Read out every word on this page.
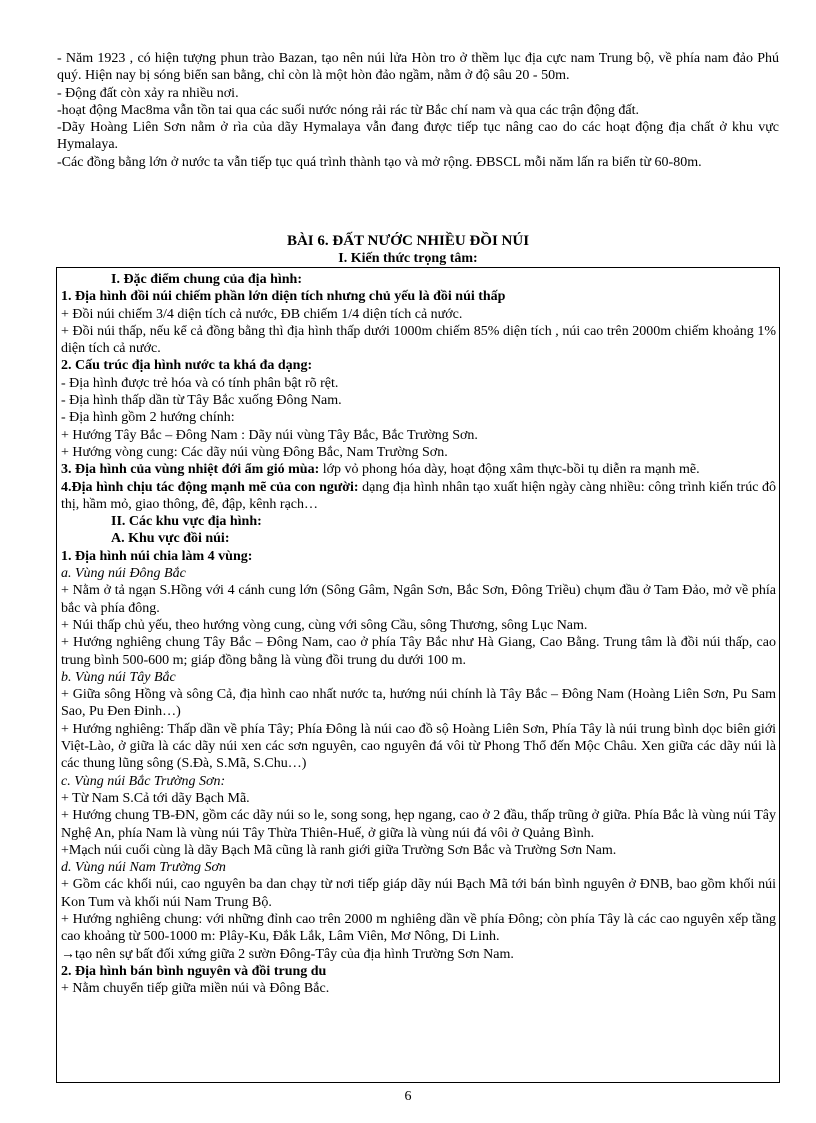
- Năm 1923 , có hiện tượng phun trào Bazan, tạo nên núi lửa Hòn tro ở thềm lục địa cực nam Trung bộ, về phía nam đảo Phú quý. Hiện nay bị sóng biển san bằng, chỉ còn là một hòn đảo ngầm, nằm ở độ sâu 20 - 50m.

- Động đất còn xảy ra nhiều nơi.

-hoạt động Mac8ma vẫn tồn tai qua các suối nước nóng rải rác từ Bắc chí nam và qua các trận động đất.

-Dãy Hoàng Liên Sơn nằm ở rìa của dãy Hymalaya vẫn đang được tiếp tục nâng cao do các hoạt động địa chất ở khu vực Hymalaya.

-Các đồng bằng lớn ở nước ta vẫn tiếp tục quá trình thành tạo và mở rộng. ĐBSCL mỗi năm lấn ra biển từ 60-80m.

BÀI 6. ĐẤT NƯỚC NHIỀU ĐỒI NÚI
I. Kiến thức trọng tâm:

I. Đặc điểm chung của địa hình:

1. Địa hình đồi núi chiếm phần lớn diện tích nhưng chủ yếu là đồi núi thấp

+ Đồi núi chiếm 3/4 diện tích cả nước, ĐB chiếm 1/4 diện tích cả nước.

+ Đồi núi thấp, nếu kể cả đồng bằng thì địa hình thấp dưới 1000m chiếm 85% diện tích , núi cao trên 2000m chiếm khoảng 1% diện tích cả nước.

2. Cấu trúc địa hình nước ta khá đa dạng:

- Địa hình được trẻ hóa và có tính phân bật rõ rệt.

- Địa hình thấp dần từ Tây Bắc xuống Đông Nam.

- Địa hình gồm 2 hướng chính:

+ Hướng Tây Bắc – Đông Nam : Dãy núi vùng Tây Bắc, Bắc Trường Sơn.

+ Hướng vòng cung: Các dãy núi vùng Đông Bắc, Nam Trường Sơn.

3. Địa hình của vùng nhiệt đới ẩm gió mùa: lớp vỏ phong hóa dày, hoạt động xâm thực-bồi tụ diễn ra mạnh mẽ.

4.Địa hình chịu tác động mạnh mẽ của con người: dạng địa hình nhân tạo xuất hiện ngày càng nhiều: công trình kiến trúc đô thị, hầm mỏ, giao thông, đê, đập, kênh rạch…

II. Các khu vực địa hình:

A. Khu vực đồi núi:

1. Địa hình núi chia làm 4 vùng:

a. Vùng núi Đông Bắc

+ Nằm ở tả ngạn S.Hồng với 4 cánh cung lớn (Sông Gâm, Ngân Sơn, Bắc Sơn, Đông Triều) chụm đầu ở Tam Đảo, mở về phía bắc và phía đông.

+ Núi thấp chủ yếu, theo hướng vòng cung, cùng với sông Cầu, sông Thương, sông Lục Nam.

+ Hướng nghiêng chung Tây Bắc – Đông Nam, cao ở phía Tây Bắc như Hà Giang, Cao Bằng. Trung tâm là đồi núi thấp, cao trung bình 500-600 m; giáp đồng bằng là vùng đồi trung du dưới 100 m.

b. Vùng núi Tây Bắc

+ Giữa sông Hồng và sông Cả, địa hình cao nhất nước ta, hướng núi chính là Tây Bắc – Đông Nam (Hoàng Liên Sơn, Pu Sam Sao, Pu Đen Đinh…)

+ Hướng nghiêng: Thấp dần về phía Tây; Phía Đông là núi cao đồ sộ Hoàng Liên Sơn, Phía Tây là núi trung bình dọc biên giới Việt-Lào, ở giữa là các dãy núi xen các sơn nguyên, cao nguyên đá vôi từ Phong Thổ đến Mộc Châu. Xen giữa các dãy núi là các thung lũng sông (S.Đà, S.Mã, S.Chu…)

c. Vùng núi Bắc Trường Sơn:

+ Từ Nam S.Cả tới dãy Bạch Mã.

+ Hướng chung TB-ĐN, gồm các dãy núi so le, song song, hẹp ngang, cao ở 2 đầu, thấp trũng ở giữa. Phía Bắc là vùng núi Tây Nghệ An, phía Nam là vùng núi Tây Thừa Thiên-Huế, ở giữa là vùng núi đá vôi ở Quảng Bình.

+Mạch núi cuối cùng là dãy Bạch Mã cũng là ranh giới giữa Trường Sơn Bắc và Trường Sơn Nam.

d. Vùng núi Nam Trường Sơn

+ Gồm các khối núi, cao nguyên ba dan chạy từ nơi tiếp giáp dãy núi Bạch Mã tới bán bình nguyên ở ĐNB, bao gồm khối núi Kon Tum và khối núi Nam Trung Bộ.

+ Hướng nghiêng chung: với những đỉnh cao trên 2000 m nghiêng dần về phía Đông; còn phía Tây là các cao nguyên xếp tầng cao khoảng từ 500-1000 m: Plây-Ku, Đắk Lắk, Lâm Viên, Mơ Nông, Di Linh.

→tạo nên sự bất đối xứng giữa 2 sườn Đông-Tây của địa hình Trường Sơn Nam.

2. Địa hình bán bình nguyên và đồi trung du

+ Nằm chuyển tiếp giữa miền núi và Đông Bắc.

6
